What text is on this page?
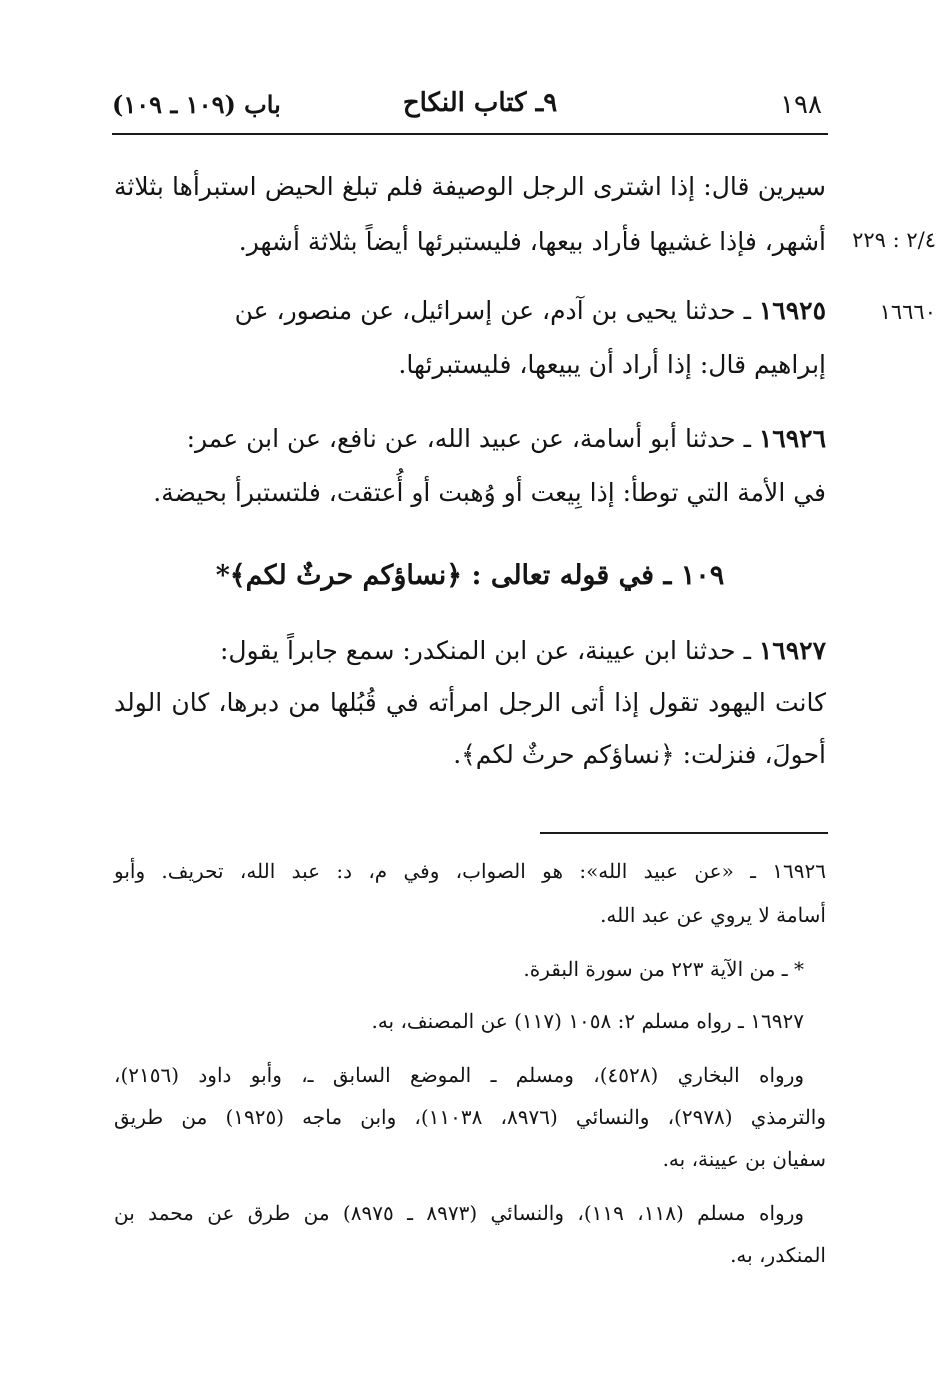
١٩٨
٩ـ كتاب النكاح
باب (١٠٩ ـ ١٠٩)
٢/٤ : ٢٢٩
١٦٦٦٠
سيرين قال: إذا اشترى الرجل الوصيفة فلم تبلغ الحيض استبرأها بثلاثة
أشهر، فإذا غشيها فأراد بيعها، فليستبرئها أيضاً بثلاثة أشهر.
١٦٩٢٥ ـ حدثنا يحيى بن آدم، عن إسرائيل، عن منصور، عن
إبراهيم قال: إذا أراد أن يبيعها، فليستبرئها.
١٦٩٢٦ ـ حدثنا أبو أسامة، عن عبيد الله، عن نافع، عن ابن عمر:
في الأمة التي توطأ: إذا بِيعت أو وُهبت أو أُعتقت، فلتستبرأ بحيضة.
١٠٩ ـ في قوله تعالى : ﴿نساؤكم حرثٌ لكم﴾*
١٦٩٢٧ ـ حدثنا ابن عيينة، عن ابن المنكدر: سمع جابراً يقول:
كانت اليهود تقول إذا أتى الرجل امرأته في قُبُلها من دبرها، كان الولد
أحولَ، فنزلت: ﴿نساؤكم حرثٌ لكم﴾.
١٦٩٢٦ ـ «عن عبيد الله»: هو الصواب، وفي م، د: عبد الله، تحريف. وأبو
أسامة لا يروي عن عبد الله.
* ـ من الآية ٢٢٣ من سورة البقرة.
١٦٩٢٧ ـ رواه مسلم ٢: ١٠٥٨ (١١٧) عن المصنف، به.
ورواه البخاري (٤٥٢٨)، ومسلم ـ الموضع السابق ـ، وأبو داود (٢١٥٦)،
والترمذي (٢٩٧٨)، والنسائي (٨٩٧٦، ١١٠٣٨)، وابن ماجه (١٩٢٥) من طريق
سفيان بن عيينة، به.
ورواه مسلم (١١٨، ١١٩)، والنسائي (٨٩٧٣ ـ ٨٩٧٥) من طرق عن محمد بن
المنكدر، به.
